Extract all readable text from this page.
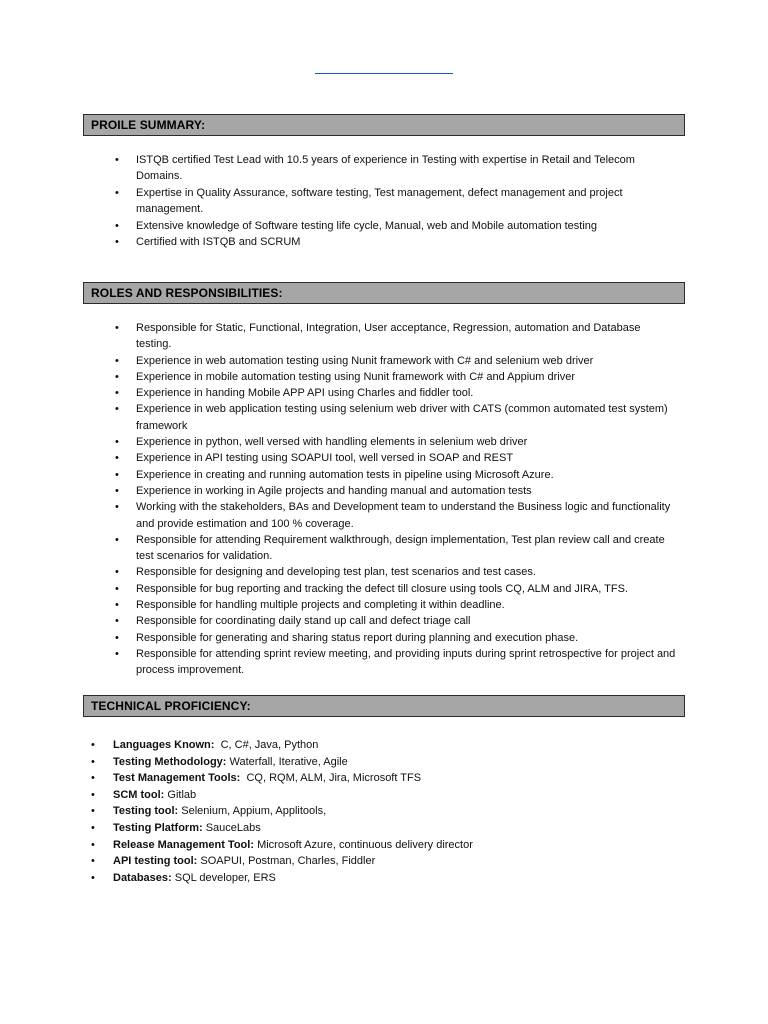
PROILE SUMMARY:
• ISTQB certified Test Lead with 10.5 years of experience in Testing with expertise in Retail and Telecom Domains.
• Expertise in Quality Assurance, software testing, Test management, defect management and project management.
• Extensive knowledge of Software testing life cycle, Manual, web and Mobile automation testing
• Certified with ISTQB and SCRUM
ROLES AND RESPONSIBILITIES:
• Responsible for Static, Functional, Integration, User acceptance, Regression, automation and Database testing.
• Experience in web automation testing using Nunit framework with C# and selenium web driver
• Experience in mobile automation testing using Nunit framework with C# and Appium driver
• Experience in handing Mobile APP API using Charles and fiddler tool.
• Experience in web application testing using selenium web driver with CATS (common automated test system) framework
• Experience in python, well versed with handling elements in selenium web driver
• Experience in API testing using SOAPUI tool, well versed in SOAP and REST
• Experience in creating and running automation tests in pipeline using Microsoft Azure.
• Experience in working in Agile projects and handing manual and automation tests
• Working with the stakeholders, BAs and Development team to understand the Business logic and functionality and provide estimation and 100 % coverage.
• Responsible for attending Requirement walkthrough, design implementation, Test plan review call and create test scenarios for validation.
• Responsible for designing and developing test plan, test scenarios and test cases.
• Responsible for bug reporting and tracking the defect till closure using tools CQ, ALM and JIRA, TFS.
• Responsible for handling multiple projects and completing it within deadline.
• Responsible for coordinating daily stand up call and defect triage call
• Responsible for generating and sharing status report during planning and execution phase.
• Responsible for attending sprint review meeting, and providing inputs during sprint retrospective for project and process improvement.
TECHNICAL PROFICIENCY:
• Languages Known: C, C#, Java, Python
• Testing Methodology: Waterfall, Iterative, Agile
• Test Management Tools: CQ, RQM, ALM, Jira, Microsoft TFS
• SCM tool: Gitlab
• Testing tool: Selenium, Appium, Applitools,
• Testing Platform: SauceLabs
• Release Management Tool: Microsoft Azure, continuous delivery director
• API testing tool: SOAPUI, Postman, Charles, Fiddler
• Databases: SQL developer, ERS
